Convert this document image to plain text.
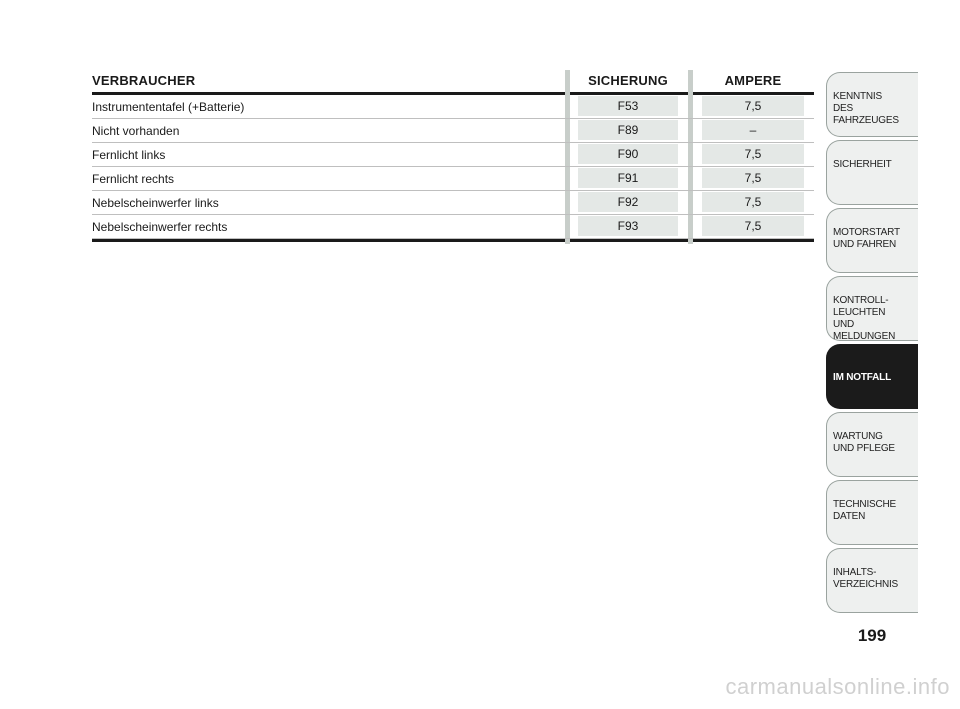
VERBRAUCHER	SICHERUNG	AMPERE
Instrumententafel (+Batterie)	F53	7,5
Nicht vorhanden	F89	–
Fernlicht links	F90	7,5
Fernlicht rechts	F91	7,5
Nebelscheinwerfer links	F92	7,5
Nebelscheinwerfer rechts	F93	7,5
KENNTNIS
DES FAHRZEUGES
SICHERHEIT
MOTORSTART
UND FAHREN
KONTROLL-
LEUCHTEN
UND MELDUNGEN
IM NOTFALL
WARTUNG
UND PFLEGE
TECHNISCHE
DATEN
INHALTS-
VERZEICHNIS
199
carmanualsonline.info
